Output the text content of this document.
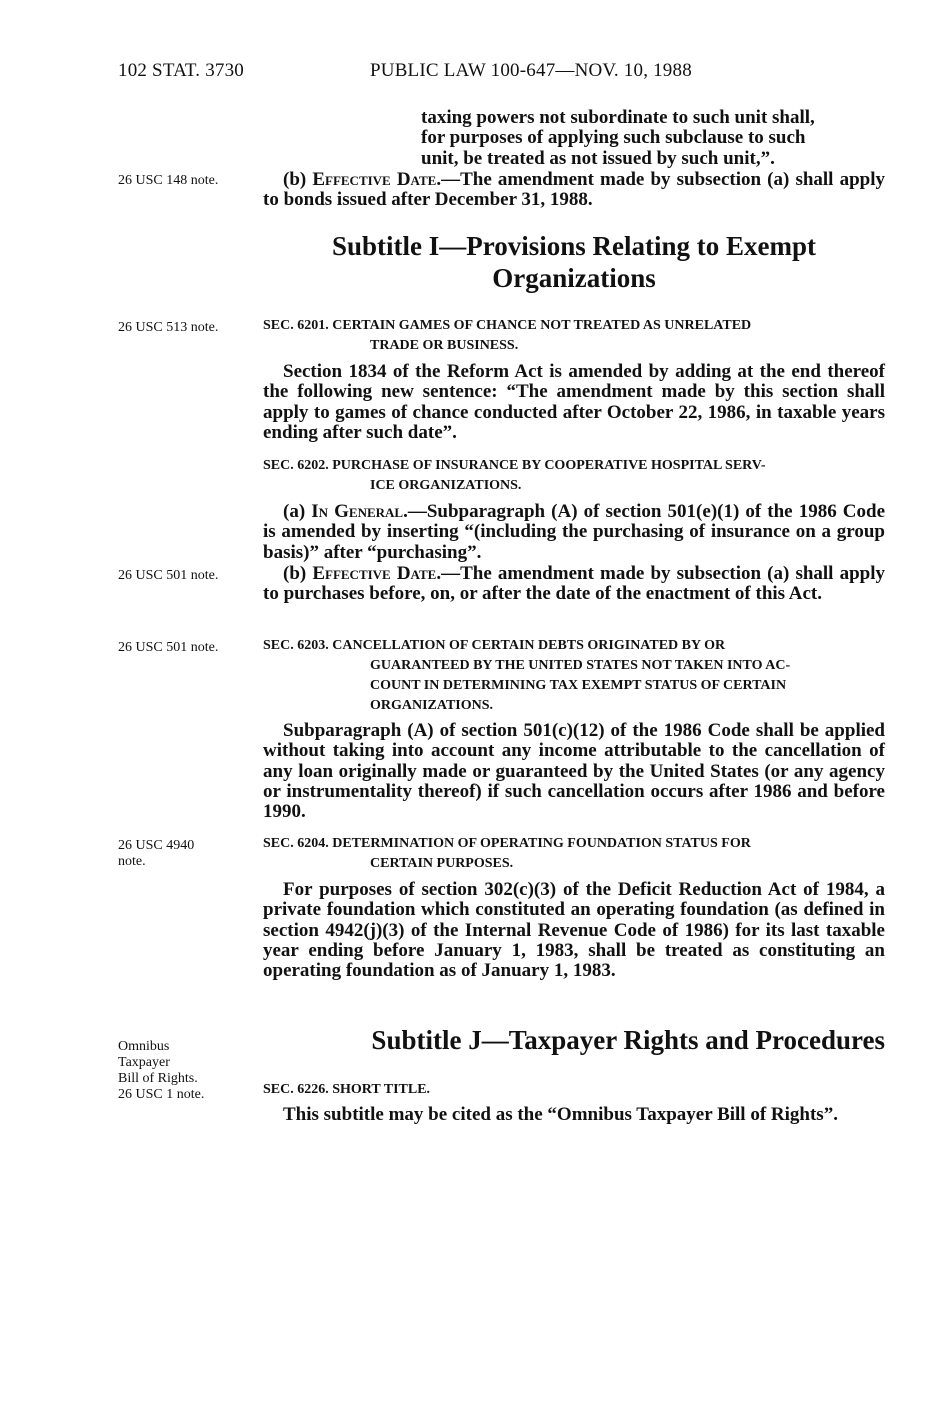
102 STAT. 3730	PUBLIC LAW 100-647—NOV. 10, 1988
taxing powers not subordinate to such unit shall,
for purposes of applying such subclause to such
unit, be treated as not issued by such unit,”.
26 USC 148 note.	(b) Effective Date.—The amendment made by subsection (a) shall apply to bonds issued after December 31, 1988.
Subtitle I—Provisions Relating to Exempt
Organizations
26 USC 513 note.	SEC. 6201. CERTAIN GAMES OF CHANCE NOT TREATED AS UNRELATED
TRADE OR BUSINESS.
Section 1834 of the Reform Act is amended by adding at the end thereof the following new sentence: “The amendment made by this section shall apply to games of chance conducted after October 22, 1986, in taxable years ending after such date”.
SEC. 6202. PURCHASE OF INSURANCE BY COOPERATIVE HOSPITAL SERV-
ICE ORGANIZATIONS.
(a) In General.—Subparagraph (A) of section 501(e)(1) of the 1986 Code is amended by inserting “(including the purchasing of insurance on a group basis)” after “purchasing”.
26 USC 501 note.	(b) Effective Date.—The amendment made by subsection (a) shall apply to purchases before, on, or after the date of the enactment of this Act.
26 USC 501 note.	SEC. 6203. CANCELLATION OF CERTAIN DEBTS ORIGINATED BY OR
GUARANTEED BY THE UNITED STATES NOT TAKEN INTO AC-
COUNT IN DETERMINING TAX EXEMPT STATUS OF CERTAIN
ORGANIZATIONS.
Subparagraph (A) of section 501(c)(12) of the 1986 Code shall be applied without taking into account any income attributable to the cancellation of any loan originally made or guaranteed by the United States (or any agency or instrumentality thereof) if such cancellation occurs after 1986 and before 1990.
26 USC 4940
note.
SEC. 6204. DETERMINATION OF OPERATING FOUNDATION STATUS FOR
CERTAIN PURPOSES.
For purposes of section 302(c)(3) of the Deficit Reduction Act of 1984, a private foundation which constituted an operating foundation (as defined in section 4942(j)(3) of the Internal Revenue Code of 1986) for its last taxable year ending before January 1, 1983, shall be treated as constituting an operating foundation as of January 1, 1983.
Omnibus
Taxpayer
Bill of Rights.
26 USC 1 note.
Subtitle J—Taxpayer Rights and Procedures
SEC. 6226. SHORT TITLE.
This subtitle may be cited as the “Omnibus Taxpayer Bill of Rights”.
